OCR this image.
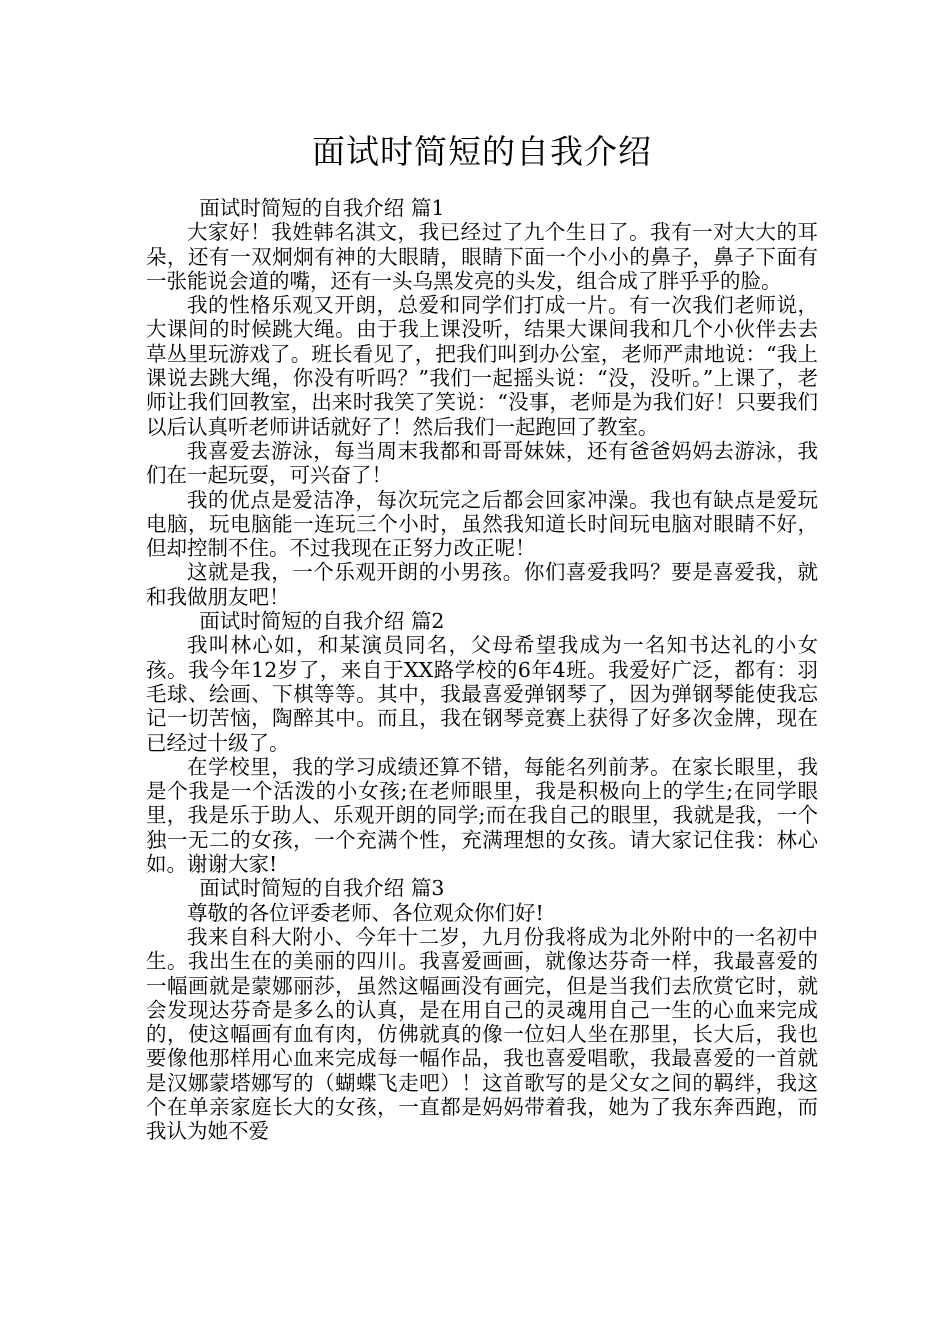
面试时简短的自我介绍

面试时简短的自我介绍 篇1

大家好！我姓韩名淇文，我已经过了九个生日了。我有一对大大的耳朵，还有一双炯炯有神的大眼睛，眼睛下面一个小小的鼻子，鼻子下面有一张能说会道的嘴，还有一头乌黑发亮的头发，组合成了胖乎乎的脸。

我的性格乐观又开朗，总爱和同学们打成一片。有一次我们老师说，大课间的时候跳大绳。由于我上课没听，结果大课间我和几个小伙伴去去草丛里玩游戏了。班长看见了，把我们叫到办公室，老师严肃地说：“我上课说去跳大绳，你没有听吗？”我们一起摇头说：“没，没听。”上课了，老师让我们回教室，出来时我笑了笑说：“没事，老师是为我们好！只要我们以后认真听老师讲话就好了！然后我们一起跑回了教室。

我喜爱去游泳，每当周末我都和哥哥妹妹，还有爸爸妈妈去游泳，我们在一起玩耍，可兴奋了！

我的优点是爱洁净，每次玩完之后都会回家冲澡。我也有缺点是爱玩电脑，玩电脑能一连玩三个小时，虽然我知道长时间玩电脑对眼睛不好，但却控制不住。不过我现在正努力改正呢！

这就是我，一个乐观开朗的小男孩。你们喜爱我吗？要是喜爱我，就和我做朋友吧！

面试时简短的自我介绍 篇2

我叫林心如，和某演员同名，父母希望我成为一名知书达礼的小女孩。我今年12岁了，来自于XX路学校的6年4班。我爱好广泛，都有：羽毛球、绘画、下棋等等。其中，我最喜爱弹钢琴了，因为弹钢琴能使我忘记一切苦恼，陶醉其中。而且，我在钢琴竞赛上获得了好多次金牌，现在已经过十级了。

在学校里，我的学习成绩还算不错，每能名列前茅。在家长眼里，我是个我是一个活泼的小女孩;在老师眼里，我是积极向上的学生;在同学眼里，我是乐于助人、乐观开朗的同学;而在我自己的眼里，我就是我，一个独一无二的女孩，一个充满个性，充满理想的女孩。请大家记住我：林心如。谢谢大家!

面试时简短的自我介绍 篇3

尊敬的各位评委老师、各位观众你们好!

我来自科大附小、今年十二岁，九月份我将成为北外附中的一名初中生。我出生在的美丽的四川。我喜爱画画，就像达芬奇一样，我最喜爱的一幅画就是蒙娜丽莎，虽然这幅画没有画完，但是当我们去欣赏它时，就会发现达芬奇是多么的认真，是在用自己的灵魂用自己一生的心血来完成的，使这幅画有血有肉，仿佛就真的像一位妇人坐在那里，长大后，我也要像他那样用心血来完成每一幅作品，我也喜爱唱歌，我最喜爱的一首就是汉娜蒙塔娜写的（蝴蝶飞走吧）！这首歌写的是父女之间的羁绊，我这个在单亲家庭长大的女孩，一直都是妈妈带着我，她为了我东奔西跑，而我认为她不爱
